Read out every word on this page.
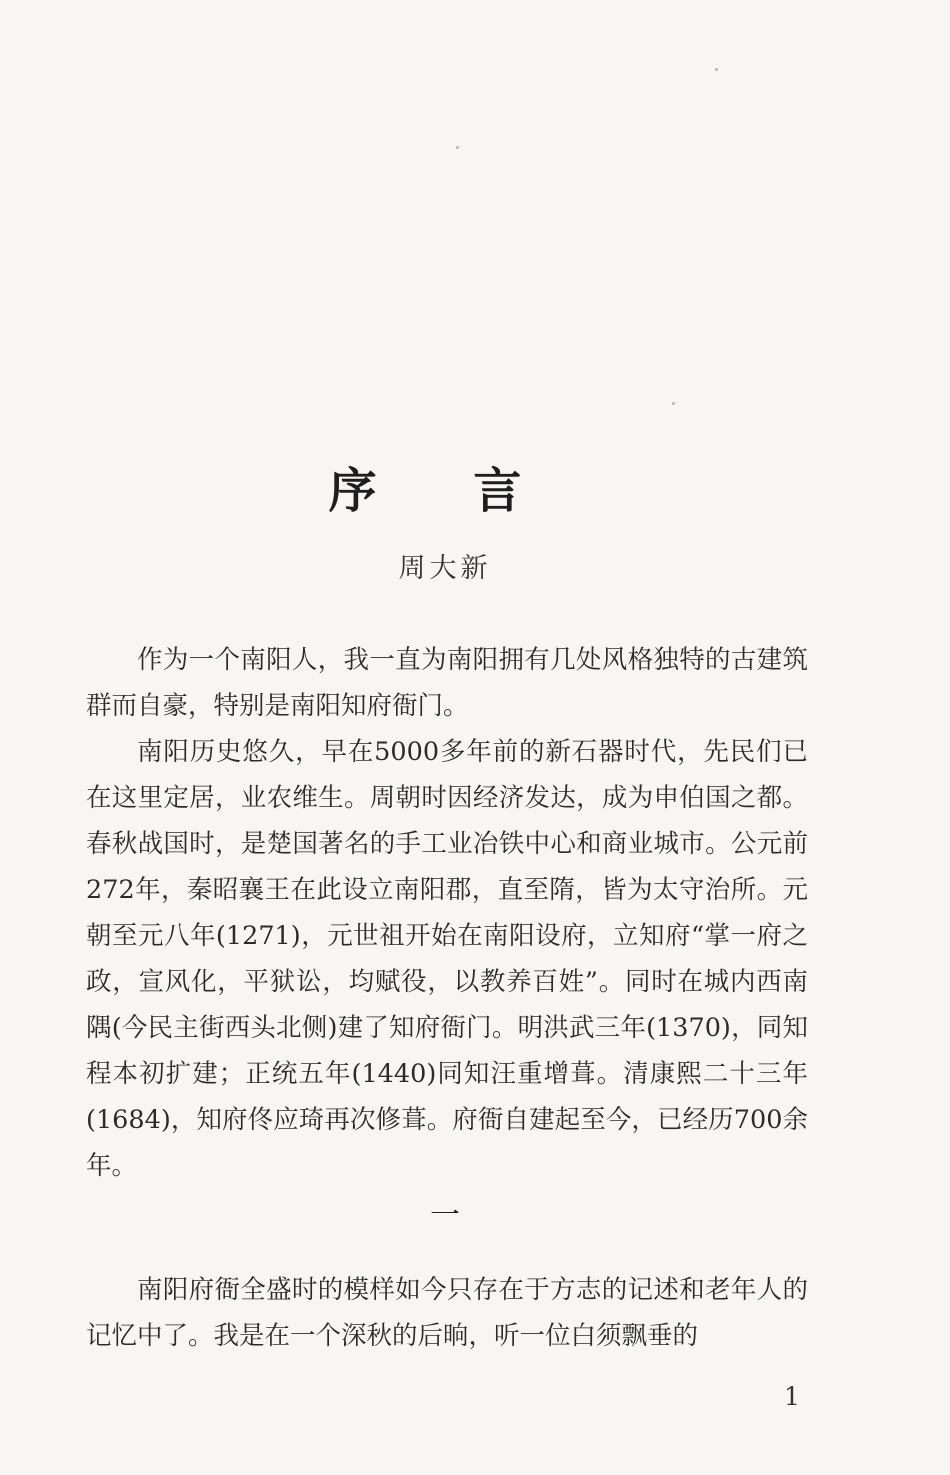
序 言
周大新

作为一个南阳人，我一直为南阳拥有几处风格独特的古建筑群而自豪，特别是南阳知府衙门。

南阳历史悠久，早在5000多年前的新石器时代，先民们已在这里定居，业农维生。周朝时因经济发达，成为申伯国之都。春秋战国时，是楚国著名的手工业冶铁中心和商业城市。公元前272年，秦昭襄王在此设立南阳郡，直至隋，皆为太守治所。元朝至元八年(1271)，元世祖开始在南阳设府，立知府“掌一府之政，宣风化，平狱讼，均赋役，以教养百姓”。同时在城内西南隅(今民主街西头北侧)建了知府衙门。明洪武三年(1370)，同知程本初扩建；正统五年(1440)同知汪重增葺。清康熙二十三年(1684)，知府佟应琦再次修葺。府衙自建起至今，已经历700余年。

一

南阳府衙全盛时的模样如今只存在于方志的记述和老年人的记忆中了。我是在一个深秋的后晌，听一位白须飘垂的

1
